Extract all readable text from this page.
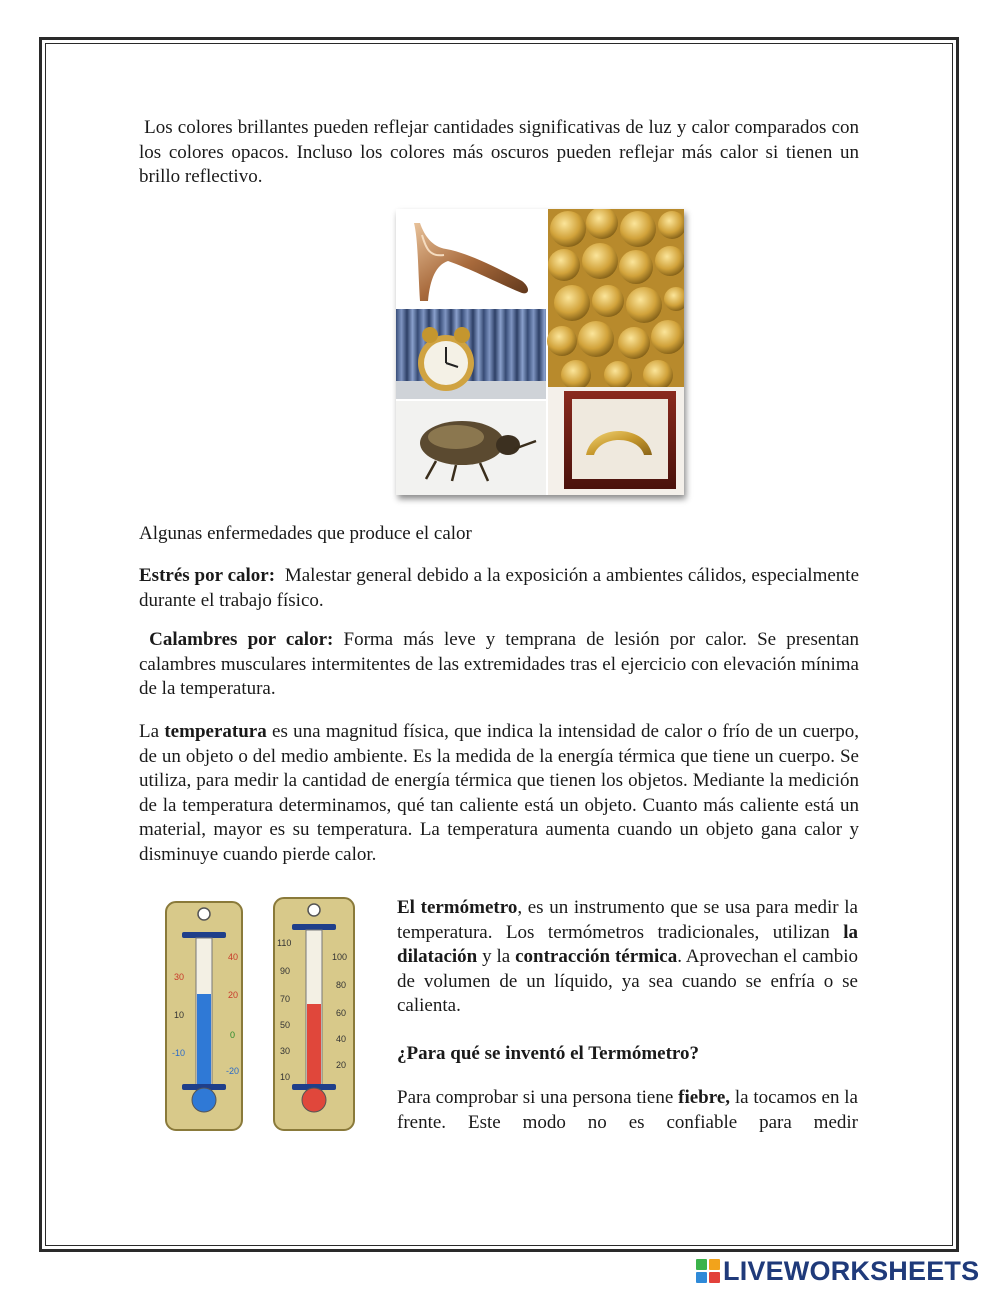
Los colores brillantes pueden reflejar cantidades significativas de luz y calor comparados con los colores opacos. Incluso los colores más oscuros pueden reflejar más calor si tienen un brillo reflectivo.

Algunas enfermedades que produce el calor

Estrés por calor: Malestar general debido a la exposición a ambientes cálidos, especialmente durante el trabajo físico.

Calambres por calor: Forma más leve y temprana de lesión por calor. Se presentan calambres musculares intermitentes de las extremidades tras el ejercicio con elevación mínima de la temperatura.

La temperatura es una magnitud física, que indica la intensidad de calor o frío de un cuerpo, de un objeto o del medio ambiente. Es la medida de la energía térmica que tiene un cuerpo. Se utiliza, para medir la cantidad de energía térmica que tienen los objetos. Mediante la medición de la temperatura determinamos, qué tan caliente está un objeto. Cuanto más caliente está un material, mayor es su temperatura. La temperatura aumenta cuando un objeto gana calor y disminuye cuando pierde calor.

40
20
0
-20
30
10
-10
110
90
70
50
30
10
100
80
60
40
20

El termómetro, es un instrumento que se usa para medir la temperatura. Los termómetros tradicionales, utilizan la dilatación y la contracción térmica. Aprovechan el cambio de volumen de un líquido, ya sea cuando se enfría o se calienta.

¿Para qué se inventó el Termómetro?

Para comprobar si una persona tiene fiebre, la tocamos en la frente. Este modo no es confiable para medir

LIVEWORKSHEETS
